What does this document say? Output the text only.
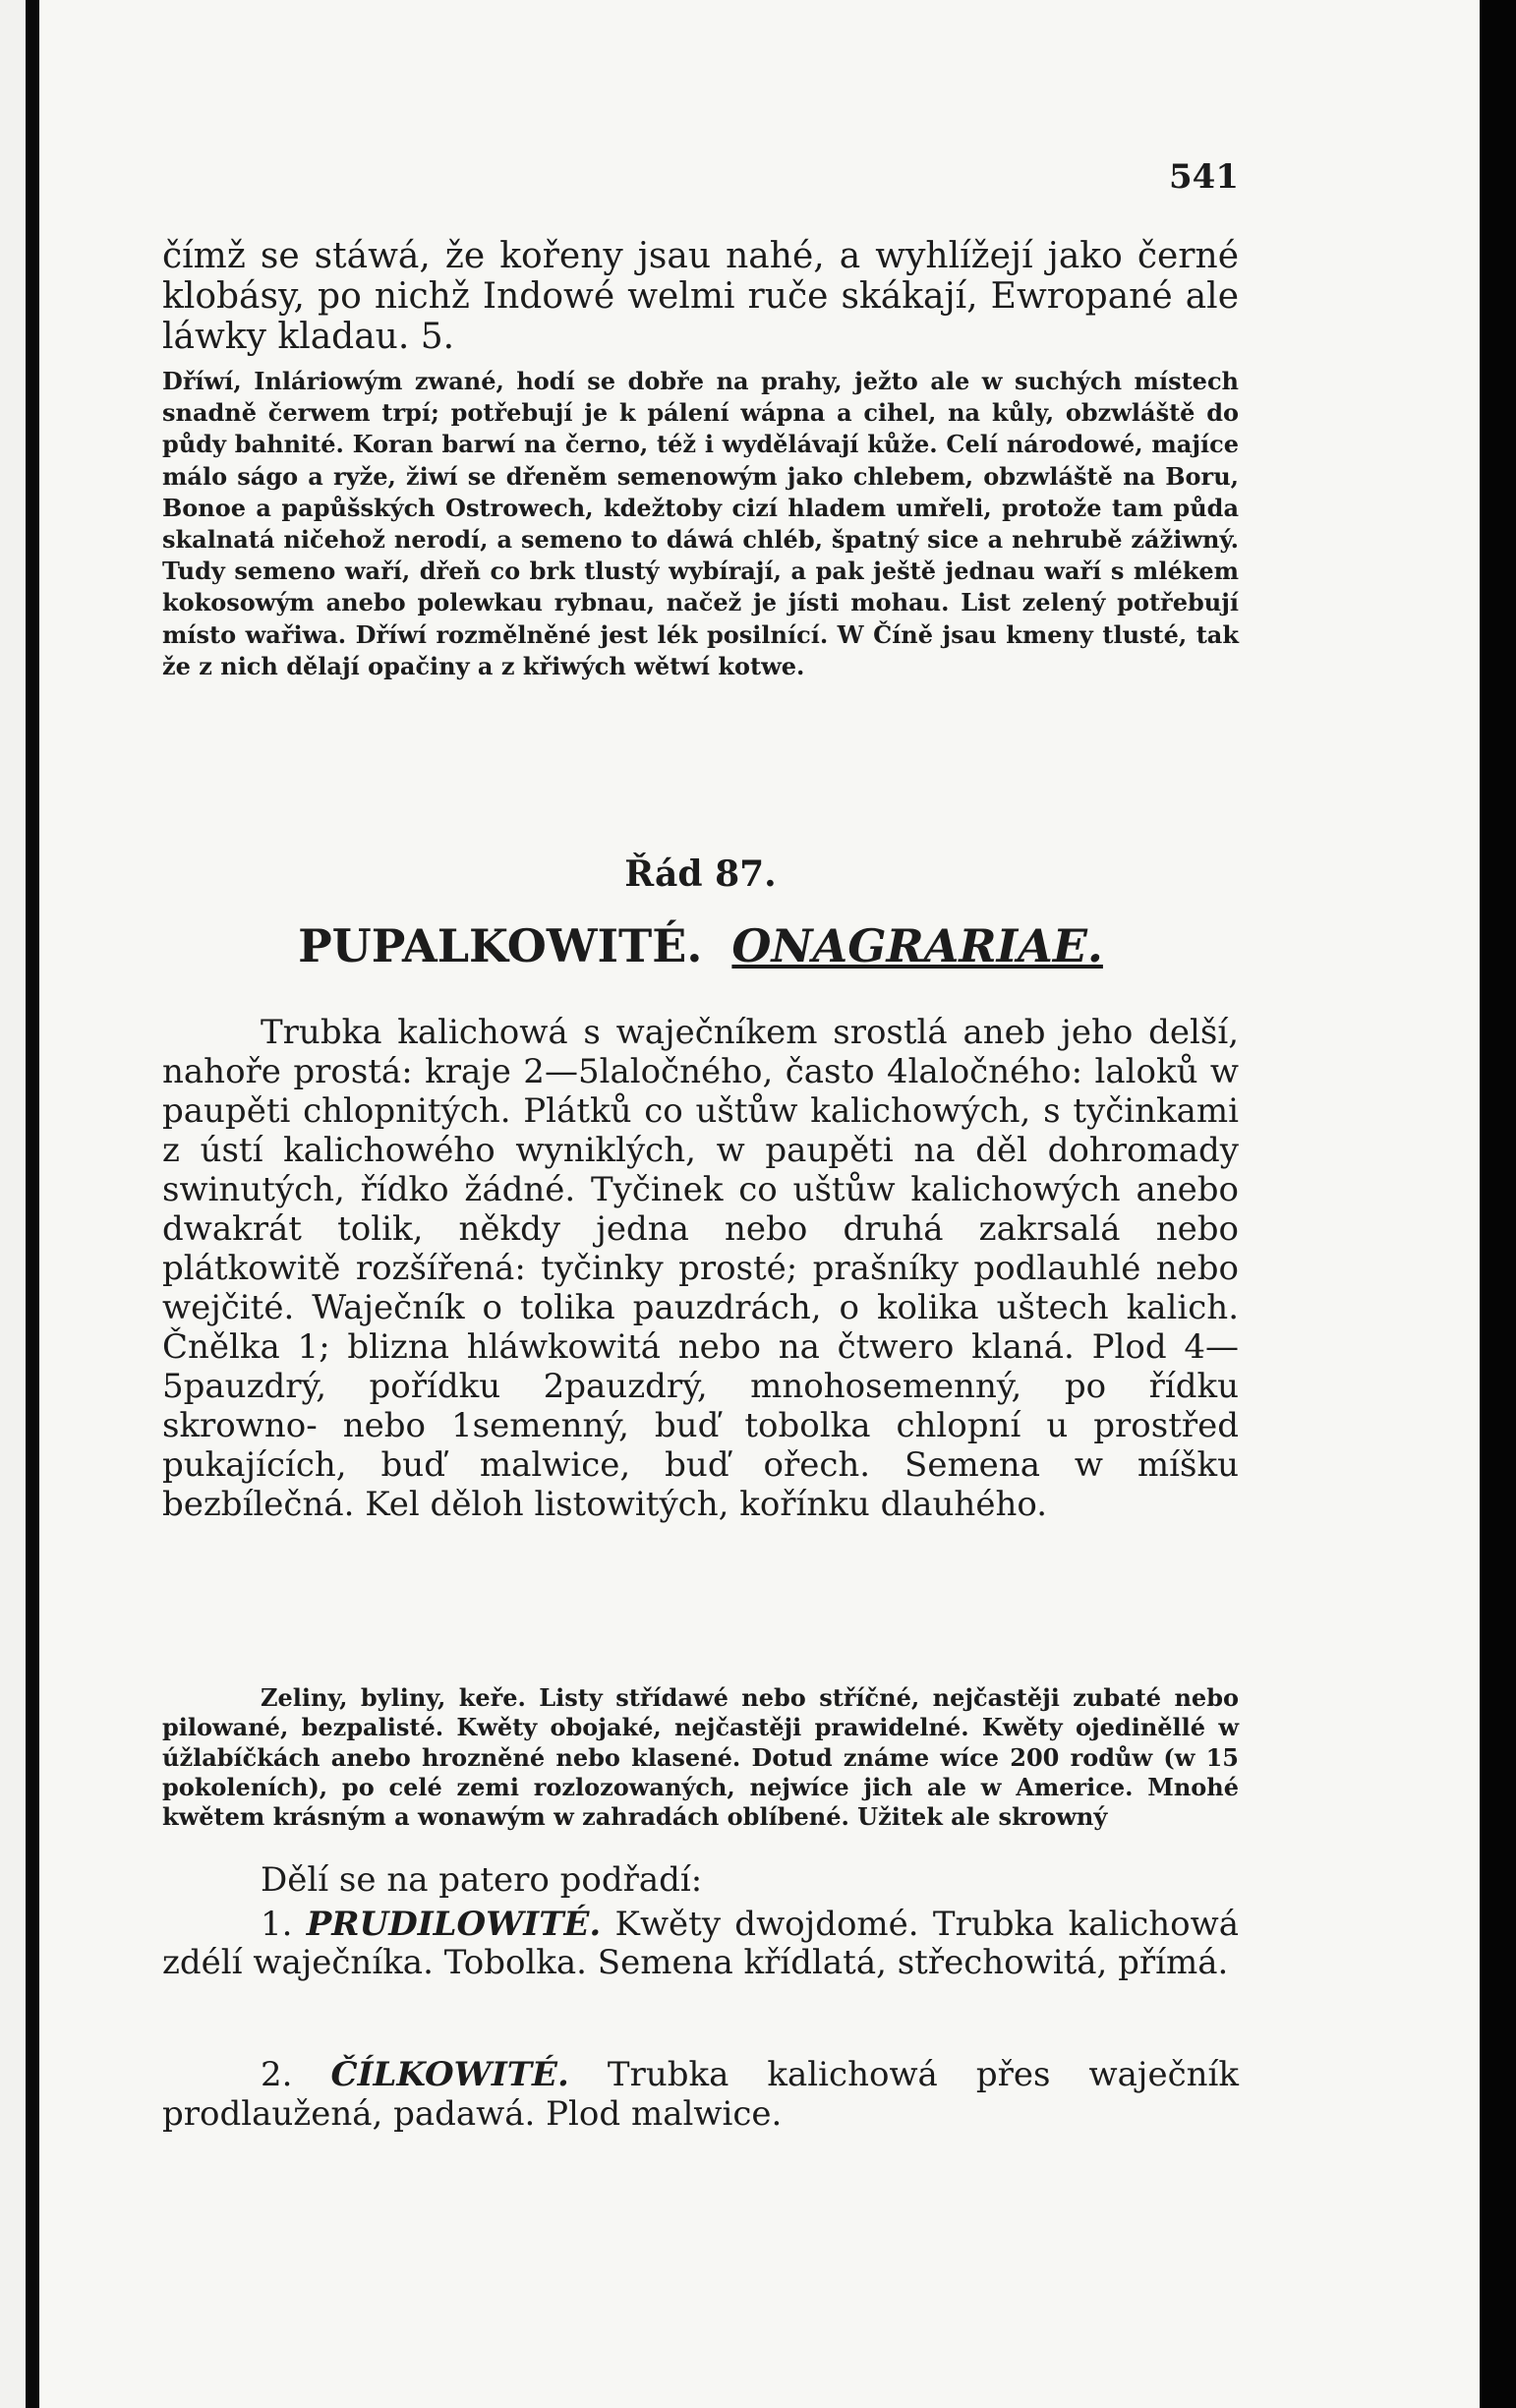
541

čímž se stáwá, že kořeny jsau nahé, a wyhlížejí jako černé klobásy, po nichž Indowé welmi ruče skákají, Ewropané ale láwky kladau. 5.

Dříwí, Inláriowým zwané, hodí se dobře na prahy, ježto ale w suchých místech snadně čerwem trpí; potřebují je k pálení wápna a cihel, na kůly, obzwláště do půdy bahnité. Koran barwí na černo, též i wydělávají kůže. Celí národowé, majíce málo ságo a ryže, žiwí se dřeněm semenowým jako chlebem, obzwláště na Boru, Bonoe a papůšských Ostrowech, kdežtoby cizí hladem umřeli, protože tam půda skalnatá ničehož nerodí, a semeno to dáwá chléb, špatný sice a nehrubě zážiwný. Tudy semeno waří, dřeň co brk tlustý wybírají, a pak ještě jednau waří s mlékem kokosowým anebo polewkau rybnau, načež je jísti mohau. List zelený potřebují místo wařiwa. Dříwí rozmělněné jest lék posilnící. W Číně jsau kmeny tlusté, tak že z nich dělají opačiny a z křiwých wětwí kotwe.

Řád 87.
PUPALKOWITÉ. ONAGRARIAE.

Trubka kalichowá s waječníkem srostlá aneb jeho delší, nahoře prostá: kraje 2—5laločného, často 4laločného: laloků w paupěti chlopnitých. Plátků co uštůw kalichowých, s tyčinkami z ústí kalichowého wyniklých, w paupěti na děl dohromady swinutých, řídko žádné. Tyčinek co uštůw kalichowých anebo dwakrát tolik, někdy jedna nebo druhá zakrsalá nebo plátkowitě rozšířená: tyčinky prosté; prašníky podlauhlé nebo wejčité. Waječník o tolika pauzdrách, o kolika uštech kalich. Čnělka 1; blizna hláwkowitá nebo na čtwero klaná. Plod 4—5pauzdrý, pořídku 2pauzdrý, mnohosemenný, po řídku skrowno- nebo 1semenný, buď tobolka chlopní u prostřed pukajících, buď malwice, buď ořech. Semena w míšku bezbílečná. Kel děloh listowitých, kořínku dlauhého.

Zeliny, byliny, keře. Listy střídawé nebo stříčné, nejčastěji zubaté nebo pilowané, bezpalisté. Kwěty obojaké, nejčastěji prawidelné. Kwěty ojediněllé w úžlabíčkách anebo hrozněné nebo klasené. Dotud známe wíce 200 rodůw (w 15 pokoleních), po celé zemi rozlozowaných, nejwíce jich ale w Americe. Mnohé kwětem krásným a wonawým w zahradách oblíbené. Užitek ale skrowný

Dělí se na patero podřadí:

1. PRUDILOWITÉ. Kwěty dwojdomé. Trubka kalichowá zdélí waječníka. Tobolka. Semena křídlatá, střechowitá, přímá.

2. ČÍLKOWITÉ. Trubka kalichowá přes waječník prodlaužená, padawá. Plod malwice.
